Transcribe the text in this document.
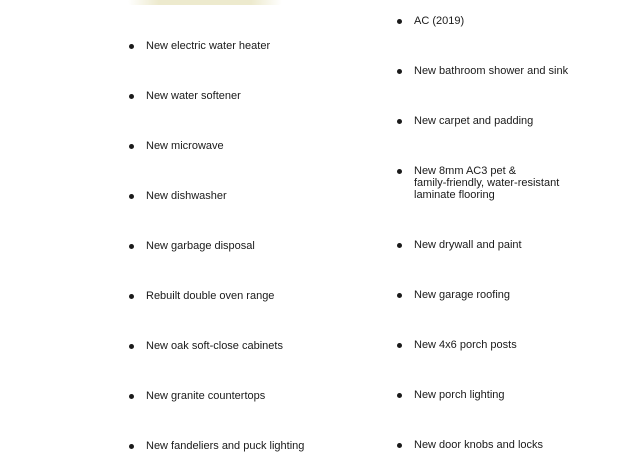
New electric water heater
New water softener
New microwave
New dishwasher
New garbage disposal
Rebuilt double oven range
New oak soft-close cabinets
New granite countertops
New fandeliers and puck lighting
AC (2019)
New bathroom shower and sink
New carpet and padding
New 8mm AC3 pet &
family-friendly, water-resistant
laminate flooring
New drywall and paint
New garage roofing
New 4x6 porch posts
New porch lighting
New door knobs and locks
